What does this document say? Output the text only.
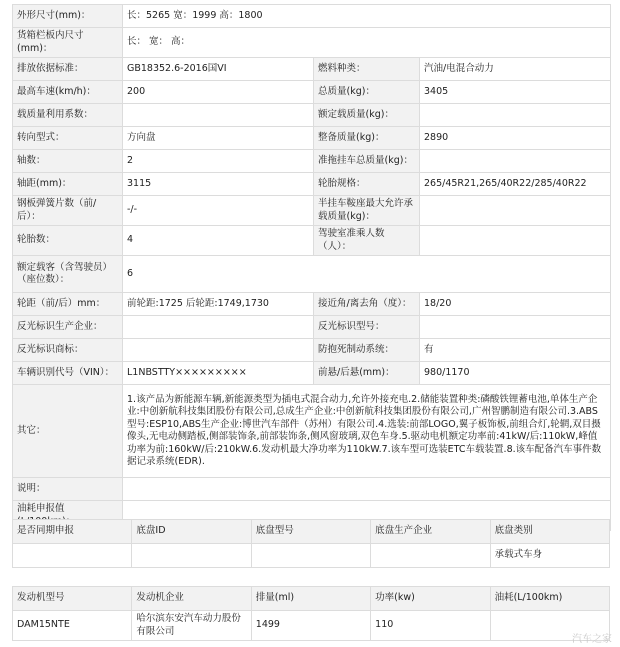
外形尺寸(mm)：	长：5265 宽：1999 高：1800		
货箱栏板内尺寸(mm)：	长： 宽： 高：		
排放依据标准：	GB18352.6-2016国VI	燃料种类：	汽油/电混合动力
最高车速(km/h)：	200	总质量(kg)：	3405
载质量利用系数：		额定载质量(kg)：	
转向型式：	方向盘	整备质量(kg)：	2890
轴数：	2	准拖挂车总质量(kg)：	
轴距(mm)：	3115	轮胎规格：	265/45R21,265/40R22/285/40R22
钢板弹簧片数（前/后）：	-/-	半挂车鞍座最大允许承载质量(kg)：	
轮胎数：	4	驾驶室准乘人数（人）：	
额定载客（含驾驶员）（座位数）：	6		
轮距（前/后）mm：	前轮距:1725 后轮距:1749,1730	接近角/离去角（度）：	18/20
反光标识生产企业：		反光标识型号：	
反光标识商标：		防抱死制动系统：	有
车辆识别代号（VIN）：	L1NBSTTY×××××××××	前悬/后悬(mm)：	980/1170
其它：	1.该产品为新能源车辆,新能源类型为插电式混合动力,允许外接充电.2.储能装置种类:磷酸铁锂蓄电池,单体生产企业:中创新航科技集团股份有限公司,总成生产企业:中创新航科技集团股份有限公司,广州智鹏制造有限公司.3.ABS型号:ESP10,ABS生产企业:博世汽车部件（苏州）有限公司.4.选装:前部LOGO,翼子板饰板,前组合灯,轮辋,双目摄像头,无电动侧踏板,侧部装饰条,前部装饰条,侧风窗玻璃,双色车身.5.驱动电机额定功率前:41kW/后:110kW,峰值功率为前:160kW/后:210kW.6.发动机最大净功率为110kW.7.该车型可选装ETC车载装置.8.该车配备汽车事件数据记录系统(EDR).		
说明：			
油耗申报值			
是否同期申报	底盘ID	底盘型号	底盘生产企业	底盘类别
				承载式车身
发动机型号	发动机企业	排量(ml)	功率(kw)	油耗(L/100km)
DAM15NTE	哈尔滨东安汽车动力股份有限公司	1499	110	
汽车之家
